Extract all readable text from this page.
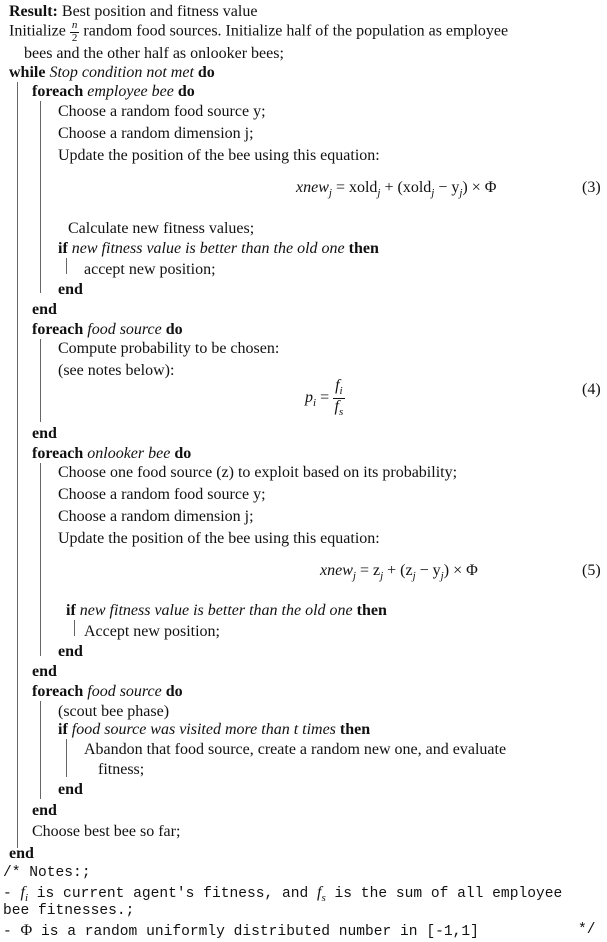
Result: Best position and fitness value
Initialize $\frac{n}{2}$ random food sources. Initialize half of the population as employee
bees and the other half as onlooker bees;
while Stop condition not met do
foreach employee bee do
Choose a random food source y;
Choose a random dimension j;
Update the position of the bee using this equation:
xnew$_j$ = xold$_j$ + (xold$_j$ − $y_j) \times \Phi$	(3)
Calculate new fitness values;
if new fitness value is better than the old one then
accept new position;
end
end
foreach food source do
Compute probability to be chosen:
(see notes below):
$p_i = \frac{f_i}{f_s}$	(4)
end
foreach onlooker bee do
Choose one food source (z) to exploit based on its probability;
Choose a random food source y;
Choose a random dimension j;
Update the position of the bee using this equation:
xnew$_j$ = $z_j + (z_j - y_j) \times \Phi$	(5)
if new fitness value is better than the old one then
Accept new position;
end
end
foreach food source do
(scout bee phase)
if food source was visited more than t times then
Abandon that food source, create a random new one, and evaluate
fitness;
end
end
Choose best bee so far;
end
/* Notes:;
- $f_i$ is current agent's fitness, and $f_s$ is the sum of all employee
bee fitnesses.;
- Φ is a random uniformly distributed number in [-1,1]	*/
